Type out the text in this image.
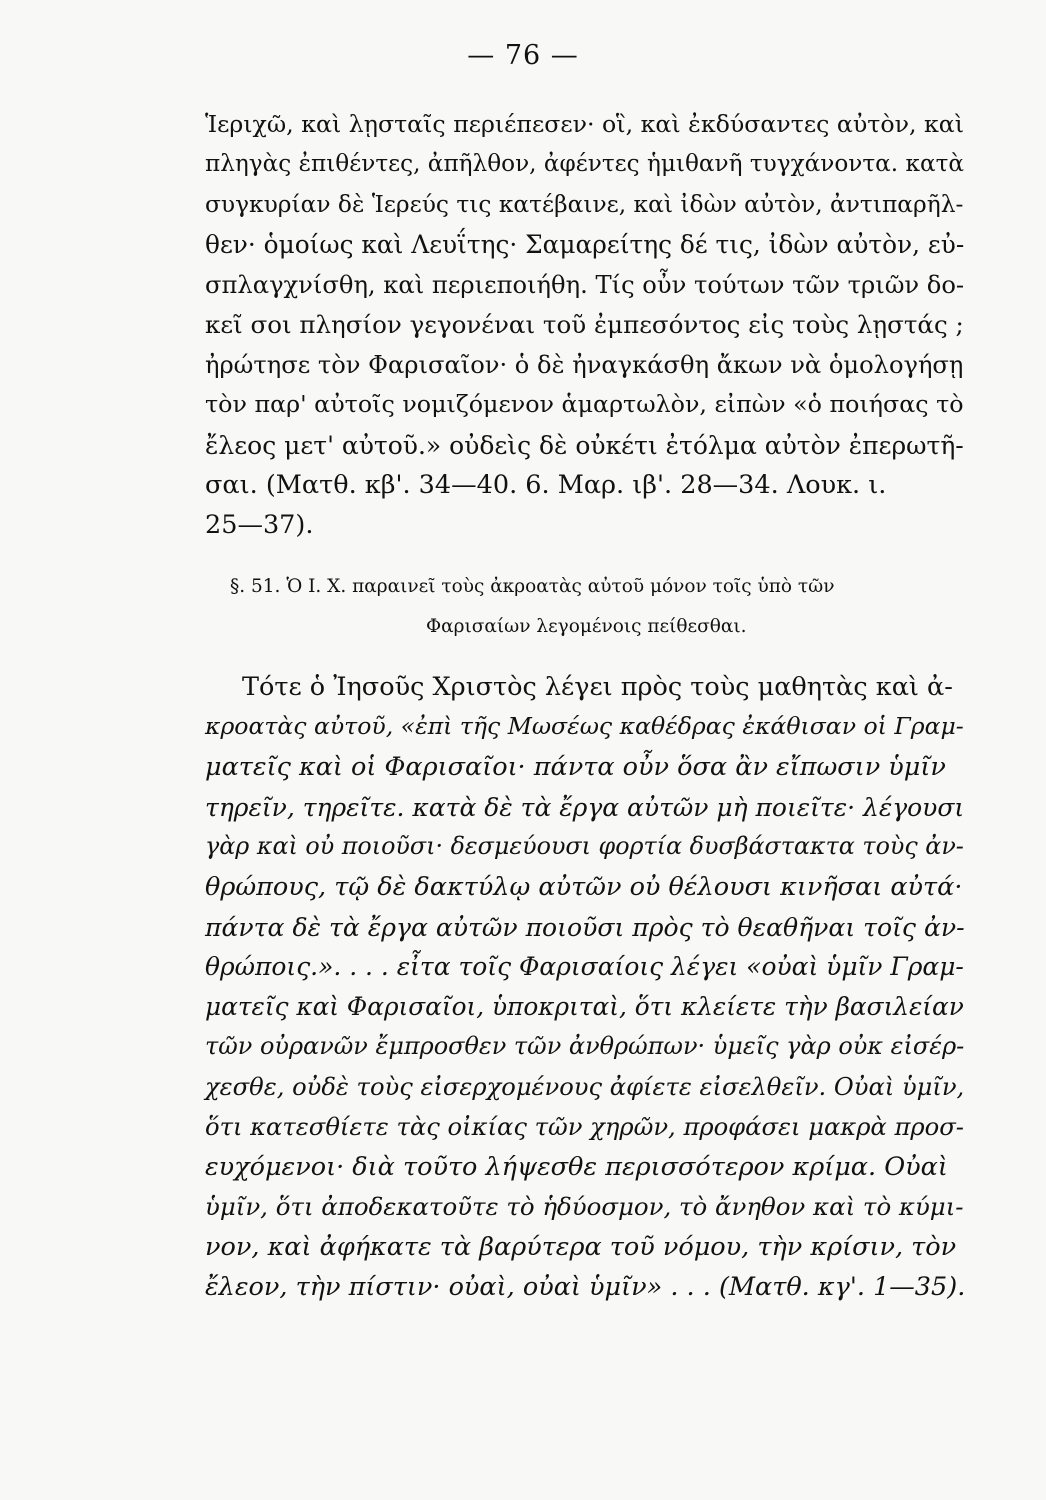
— 76 —
Ἱεριχῶ, καὶ λῃσταῖς περιέπεσεν· οἳ, καὶ ἐκδύσαντες αὐτὸν, καὶ
πληγὰς ἐπιθέντες, ἀπῆλθον, ἀφέντες ἡμιθανῆ τυγχάνοντα. κατὰ
συγκυρίαν δὲ Ἱερεύς τις κατέβαινε, καὶ ἰδὼν αὐτὸν, ἀντιπαρῆλ-
θεν· ὁμοίως καὶ Λευΐτης· Σαμαρείτης δέ τις, ἰδὼν αὐτὸν, εὐ-
σπλαγχνίσθη, καὶ περιεποιήθη. Τίς οὖν τούτων τῶν τριῶν δο-
κεῖ σοι πλησίον γεγονέναι τοῦ ἐμπεσόντος εἰς τοὺς λῃστάς ;
ἠρώτησε τὸν Φαρισαῖον· ὁ δὲ ἠναγκάσθη ἄκων νὰ ὁμολογήσῃ
τὸν παρ' αὐτοῖς νομιζόμενον ἁμαρτωλὸν, εἰπὼν «ὁ ποιήσας τὸ
ἔλεος μετ' αὐτοῦ.» οὐδεὶς δὲ οὐκέτι ἐτόλμα αὐτὸν ἐπερωτῆ-
σαι. (Ματθ. κβ'. 34—40. 6. Μαρ. ιβ'. 28—34. Λουκ. ι.
25—37).
§. 51. Ὁ Ι. Χ. παραινεῖ τοὺς ἀκροατὰς αὐτοῦ μόνον τοῖς ὑπὸ τῶν
Φαρισαίων λεγομένοις πείθεσθαι.
Τότε ὁ Ἰησοῦς Χριστὸς λέγει πρὸς τοὺς μαθητὰς καὶ ἀ-
κροατὰς αὐτοῦ, «ἐπὶ τῆς Μωσέως καθέδρας ἐκάθισαν οἱ Γραμ-
ματεῖς καὶ οἱ Φαρισαῖοι· πάντα οὖν ὅσα ἂν εἴπωσιν ὑμῖν
τηρεῖν, τηρεῖτε. κατὰ δὲ τὰ ἔργα αὐτῶν μὴ ποιεῖτε· λέγουσι
γὰρ καὶ οὐ ποιοῦσι· δεσμεύουσι φορτία δυσβάστακτα τοὺς ἀν-
θρώπους, τῷ δὲ δακτύλῳ αὐτῶν οὐ θέλουσι κινῆσαι αὐτά·
πάντα δὲ τὰ ἔργα αὐτῶν ποιοῦσι πρὸς τὸ θεαθῆναι τοῖς ἀν-
θρώποις.». . . . εἶτα τοῖς Φαρισαίοις λέγει «οὐαὶ ὑμῖν Γραμ-
ματεῖς καὶ Φαρισαῖοι, ὑποκριταὶ, ὅτι κλείετε τὴν βασιλείαν
τῶν οὐρανῶν ἔμπροσθεν τῶν ἀνθρώπων· ὑμεῖς γὰρ οὐκ εἰσέρ-
χεσθε, οὐδὲ τοὺς εἰσερχομένους ἀφίετε εἰσελθεῖν. Οὐαὶ ὑμῖν,
ὅτι κατεσθίετε τὰς οἰκίας τῶν χηρῶν, προφάσει μακρὰ προσ-
ευχόμενοι· διὰ τοῦτο λήψεσθε περισσότερον κρίμα. Οὐαὶ
ὑμῖν, ὅτι ἀποδεκατοῦτε τὸ ἡδύοσμον, τὸ ἄνηθον καὶ τὸ κύμι-
νον, καὶ ἀφήκατε τὰ βαρύτερα τοῦ νόμου, τὴν κρίσιν, τὸν
ἔλεον, τὴν πίστιν· οὐαὶ, οὐαὶ ὑμῖν» . . . (Ματθ. κγ'. 1—35).
